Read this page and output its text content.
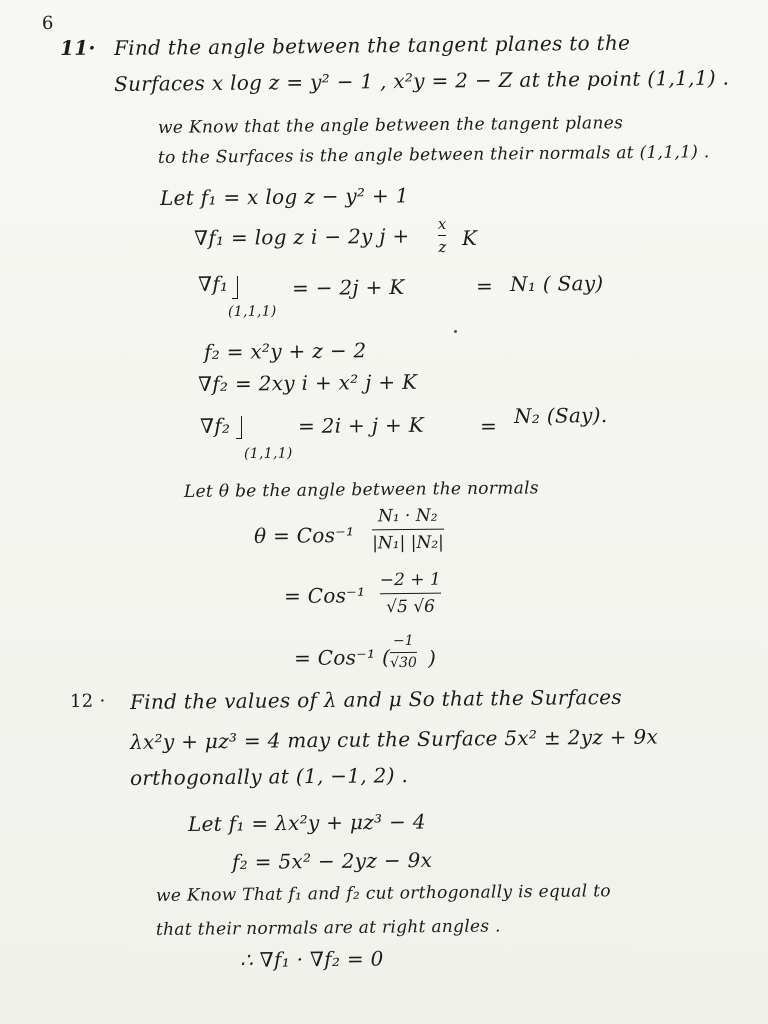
6
11· Find the angle between the tangent planes to the
Surfaces x log z = y² − 1 , x²y = 2 − Z at the point (1,1,1) .
we Know that the angle between the tangent planes
to the Surfaces is the angle between their normals at (1,1,1) .
Let f₁ = x log z − y² + 1
∇f₁ = log z i − 2y j + x
z K
∇f₁
(1,1,1)
= − 2j + K	= N₁ ( Say)
f₂ = x²y + z − 2
∇f₂ = 2xy i + x² j + K
∇f₂
(1,1,1)
= 2i + j + K	= N₂ (Say).
Let θ be the angle between the normals
θ = Cos⁻¹
N₁ · N₂
|N₁| |N₂|
= Cos⁻¹
−2 + 1
√5 √6
= Cos⁻¹ (
−1
√30 )
12 · Find the values of λ and μ So that the Surfaces
λx²y + μz³ = 4 may cut the Surface 5x² ± 2yz + 9x
orthogonally at (1, −1, 2) .
Let f₁ = λx²y + μz³ − 4
f₂ = 5x² − 2yz − 9x
we Know That f₁ and f₂ cut orthogonally is equal to
that their normals are at right angles .
∴ ∇f₁ · ∇f₂ = 0
